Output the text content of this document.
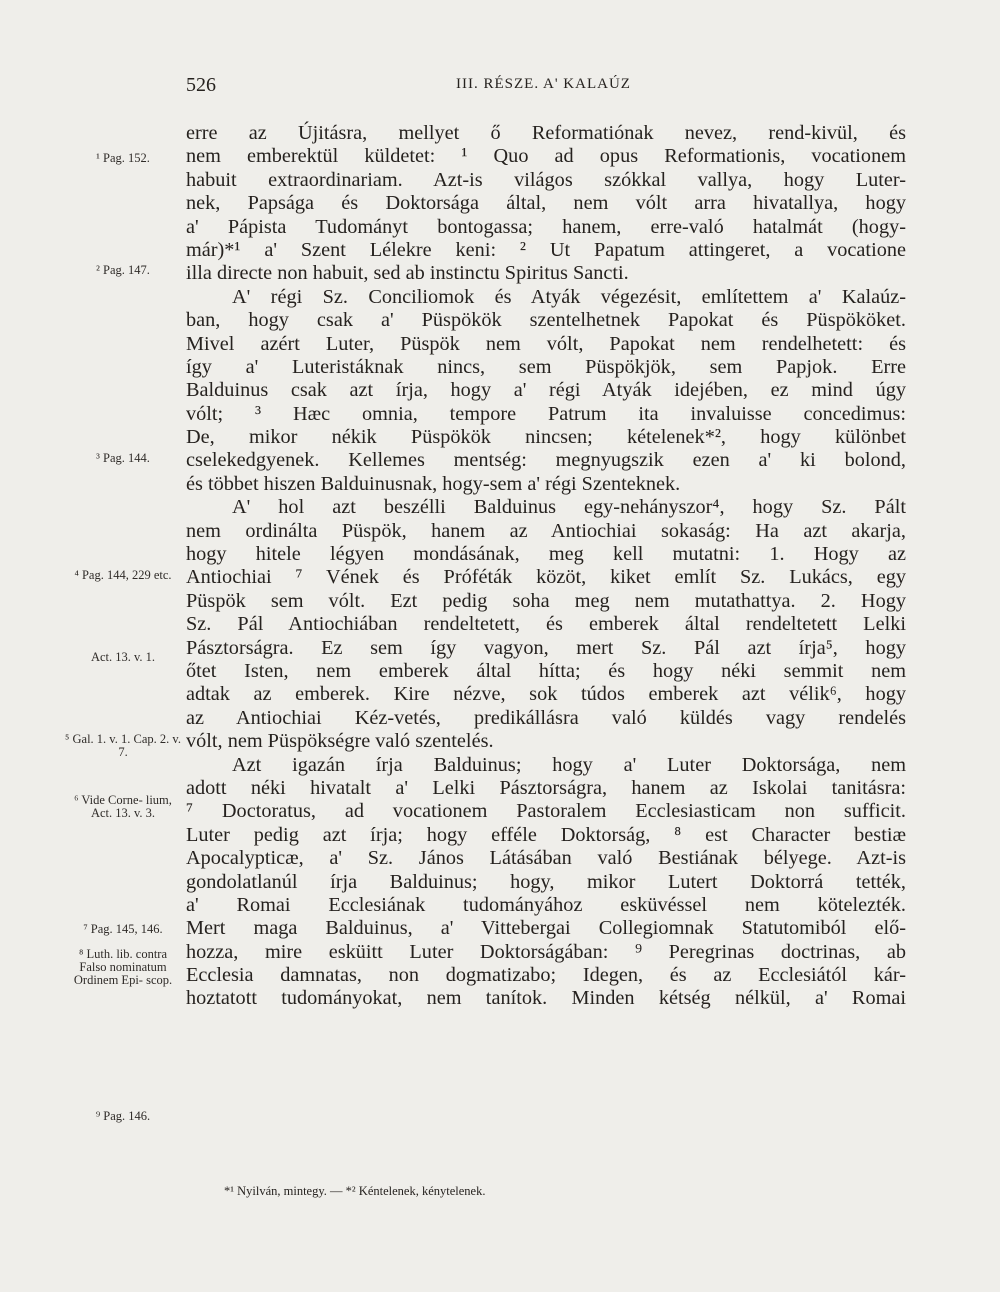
526	III. RÉSZE. A' KALAÚZ
¹ Pag. 152.
² Pag. 147.
³ Pag. 144.
⁴ Pag. 144, 229 etc.
Act. 13. v. 1.
⁵ Gal. 1. v. 1. Cap. 2. v. 7.
⁶ Vide Corne- lium, Act. 13. v. 3.
⁷ Pag. 145, 146.
⁸ Luth. lib. contra Falso nominatum Ordinem Epi- scop.
⁹ Pag. 146.
erre az Újitásra, mellyet ő Reformatiónak nevez, rend-kivül, és
nem emberektül küldetet: ¹ Quo ad opus Reformationis, vocationem
habuit extraordinariam. Azt-is világos szókkal vallya, hogy Luter-
nek, Papsága és Doktorsága által, nem vólt arra hivatallya, hogy
a' Pápista Tudományt bontogassa; hanem, erre-való hatalmát (hogy-
már)*¹ a' Szent Lélekre keni: ² Ut Papatum attingeret, a vocatione
illa directe non habuit, sed ab instinctu Spiritus Sancti.
A' régi Sz. Conciliomok és Atyák végezésit, említettem a' Kalaúz-
ban, hogy csak a' Püspökök szentelhetnek Papokat és Püspököket.
Mivel azért Luter, Püspök nem vólt, Papokat nem rendelhetett: és
így a' Luteristáknak nincs, sem Püspökjök, sem Papjok. Erre
Balduinus csak azt írja, hogy a' régi Atyák idejében, ez mind úgy
vólt; ³ Hæc omnia, tempore Patrum ita invaluisse concedimus:
De, mikor nékik Püspökök nincsen; kételenek*², hogy különbet
cselekedgyenek. Kellemes mentség: megnyugszik ezen a' ki bolond,
és többet hiszen Balduinusnak, hogy-sem a' régi Szenteknek.
A' hol azt beszélli Balduinus egy-nehányszor⁴, hogy Sz. Pált
nem ordinálta Püspök, hanem az Antiochiai sokaság: Ha azt akarja,
hogy hitele légyen mondásának, meg kell mutatni: 1. Hogy az
Antiochiai ⁷ Vének és Próféták közöt, kiket említ Sz. Lukács, egy
Püspök sem vólt. Ezt pedig soha meg nem mutathattya. 2. Hogy
Sz. Pál Antiochiában rendeltetett, és emberek által rendeltetett Lelki
Pásztorságra. Ez sem így vagyon, mert Sz. Pál azt írja⁵, hogy
őtet Isten, nem emberek által hítta; és hogy néki semmit nem
adtak az emberek. Kire nézve, sok túdos emberek azt vélik⁶, hogy
az Antiochiai Kéz-vetés, predikállásra való küldés vagy rendelés
vólt, nem Püspökségre való szentelés.
Azt igazán írja Balduinus; hogy a' Luter Doktorsága, nem
adott néki hivatalt a' Lelki Pásztorságra, hanem az Iskolai tanitásra:
⁷ Doctoratus, ad vocationem Pastoralem Ecclesiasticam non sufficit.
Luter pedig azt írja; hogy efféle Doktorság, ⁸ est Character bestiæ
Apocalypticæ, a' Sz. János Látásában való Bestiának bélyege. Azt-is
gondolatlanúl írja Balduinus; hogy, mikor Lutert Doktorrá tették,
a' Romai Ecclesiának tudományához esküvéssel nem kötelezték.
Mert maga Balduinus, a' Vittebergai Collegiomnak Statutomiból elő-
hozza, mire esküitt Luter Doktorságában: ⁹ Peregrinas doctrinas, ab
Ecclesia damnatas, non dogmatizabo; Idegen, és az Ecclesiától kár-
hoztatott tudományokat, nem tanítok. Minden kétség nélkül, a' Romai
*¹ Nyilván, mintegy. — *² Kéntelenek, kénytelenek.
